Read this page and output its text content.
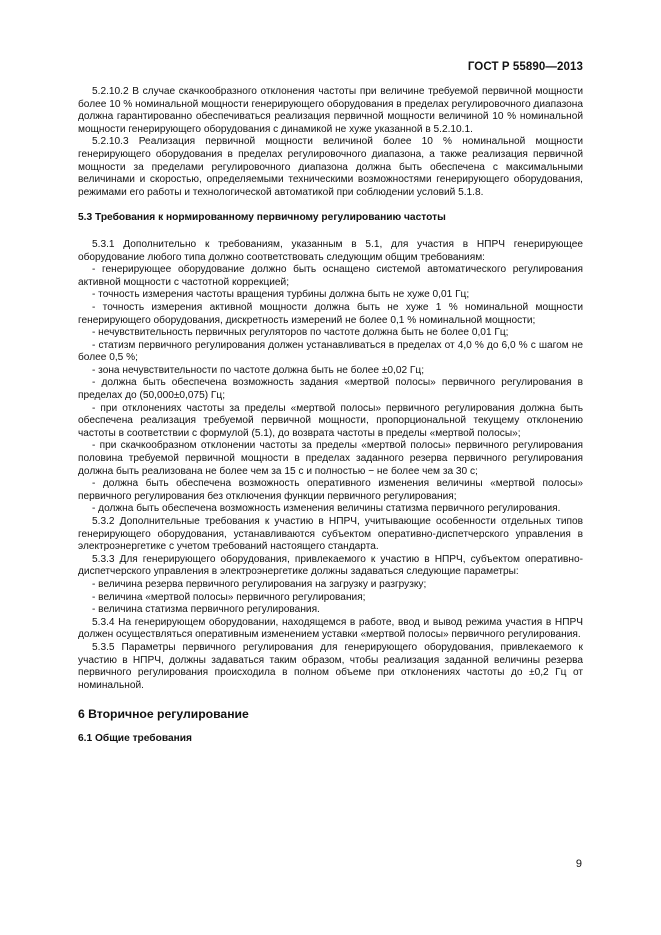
ГОСТ Р 55890—2013

5.2.10.2 В случае скачкообразного отклонения частоты при величине требуемой первичной мощности более 10 % номинальной мощности генерирующего оборудования в пределах регулировочного диапазона должна гарантированно обеспечиваться реализация первичной мощности величиной 10 % номинальной мощности генерирующего оборудования с динамикой не хуже указанной в 5.2.10.1.

5.2.10.3 Реализация первичной мощности величиной более 10 % номинальной мощности генерирующего оборудования в пределах регулировочного диапазона, а также реализация первичной мощности за пределами регулировочного диапазона должна быть обеспечена с максимальными величинами и скоростью, определяемыми техническими возможностями генерирующего оборудования, режимами его работы и технологической автоматикой при соблюдении условий 5.1.8.

5.3 Требования к нормированному первичному регулированию частоты

5.3.1 Дополнительно к требованиям, указанным в 5.1, для участия в НПРЧ генерирующее оборудование любого типа должно соответствовать следующим общим требованиям:

- генерирующее оборудование должно быть оснащено системой автоматического регулирования активной мощности с частотной коррекцией;

- точность измерения частоты вращения турбины должна быть не хуже 0,01 Гц;

- точность измерения активной мощности должна быть не хуже 1 % номинальной мощности генерирующего оборудования, дискретность измерений не более 0,1 % номинальной мощности;

- нечувствительность первичных регуляторов по частоте должна быть не более 0,01 Гц;

- статизм первичного регулирования должен устанавливаться в пределах от 4,0 % до 6,0 % с шагом не более 0,5 %;

- зона нечувствительности по частоте должна быть не более ±0,02 Гц;

- должна быть обеспечена возможность задания «мертвой полосы» первичного регулирования в пределах до (50,000±0,075) Гц;

- при отклонениях частоты за пределы «мертвой полосы» первичного регулирования должна быть обеспечена реализация требуемой первичной мощности, пропорциональной текущему отклонению частоты в соответствии с формулой (5.1), до возврата частоты в пределы «мертвой полосы»;

- при скачкообразном отклонении частоты за пределы «мертвой полосы» первичного регулирования половина требуемой первичной мощности в пределах заданного резерва первичного регулирования должна быть реализована не более чем за 15 с и полностью − не более чем за 30 с;

- должна быть обеспечена возможность оперативного изменения величины «мертвой полосы» первичного регулирования без отключения функции первичного регулирования;

- должна быть обеспечена возможность изменения величины статизма первичного регулирования.

5.3.2 Дополнительные требования к участию в НПРЧ, учитывающие особенности отдельных типов генерирующего оборудования, устанавливаются субъектом оперативно-диспетчерского управления в электроэнергетике с учетом требований настоящего стандарта.

5.3.3 Для генерирующего оборудования, привлекаемого к участию в НПРЧ, субъектом оперативно-диспетчерского управления в электроэнергетике должны задаваться следующие параметры:

- величина резерва первичного регулирования на загрузку и разгрузку;

- величина «мертвой полосы» первичного регулирования;

- величина статизма первичного регулирования.

5.3.4 На генерирующем оборудовании, находящемся в работе, ввод и вывод режима участия в НПРЧ должен осуществляться оперативным изменением уставки «мертвой полосы» первичного регулирования.

5.3.5 Параметры первичного регулирования для генерирующего оборудования, привлекаемого к участию в НПРЧ, должны задаваться таким образом, чтобы реализация заданной величины резерва первичного регулирования происходила в полном объеме при отклонениях частоты до ±0,2 Гц от номинальной.

6 Вторичное регулирование
6.1 Общие требования
9
